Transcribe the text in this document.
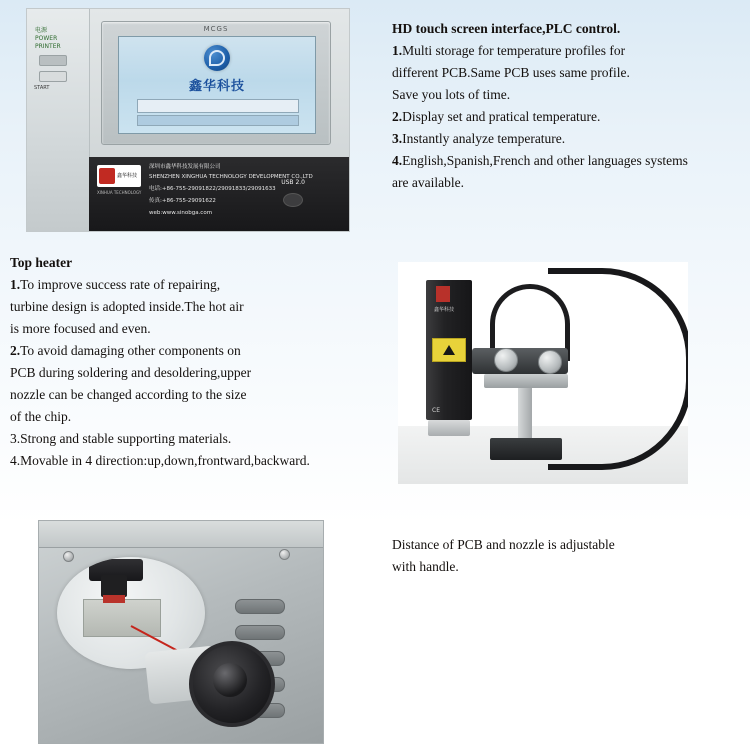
电源
POWER
PRINTER
START
MCGS
鑫华科技
鑫华科技
XINHUA TECHNOLOGY
深圳市鑫华科技发展有限公司
SHENZHEN XINGHUA TECHNOLOGY DEVELOPMENT CO.,LTD
电话:+86-755-29091822/29091833/29091633
传真:+86-755-29091622
web:www.sinobga.com
USB 2.0
HD touch screen interface,PLC control.
1.Multi storage for temperature profiles for
different PCB.Same PCB uses same profile.
Save you lots of time.
2.Display set and pratical temperature.
3.Instantly analyze temperature.
4.English,Spanish,French and other languages systems
are available.
Top heater
1.To improve success rate of repairing,
turbine design is adopted inside.The hot air
is more focused and even.
2.To avoid damaging other components on
PCB during soldering and desoldering,upper
nozzle can be changed according to the size
of the chip.
3.Strong and stable supporting materials.
4.Movable in 4 direction:up,down,frontward,backward.
鑫华科技
CE
Distance of PCB and nozzle is adjustable
with handle.
